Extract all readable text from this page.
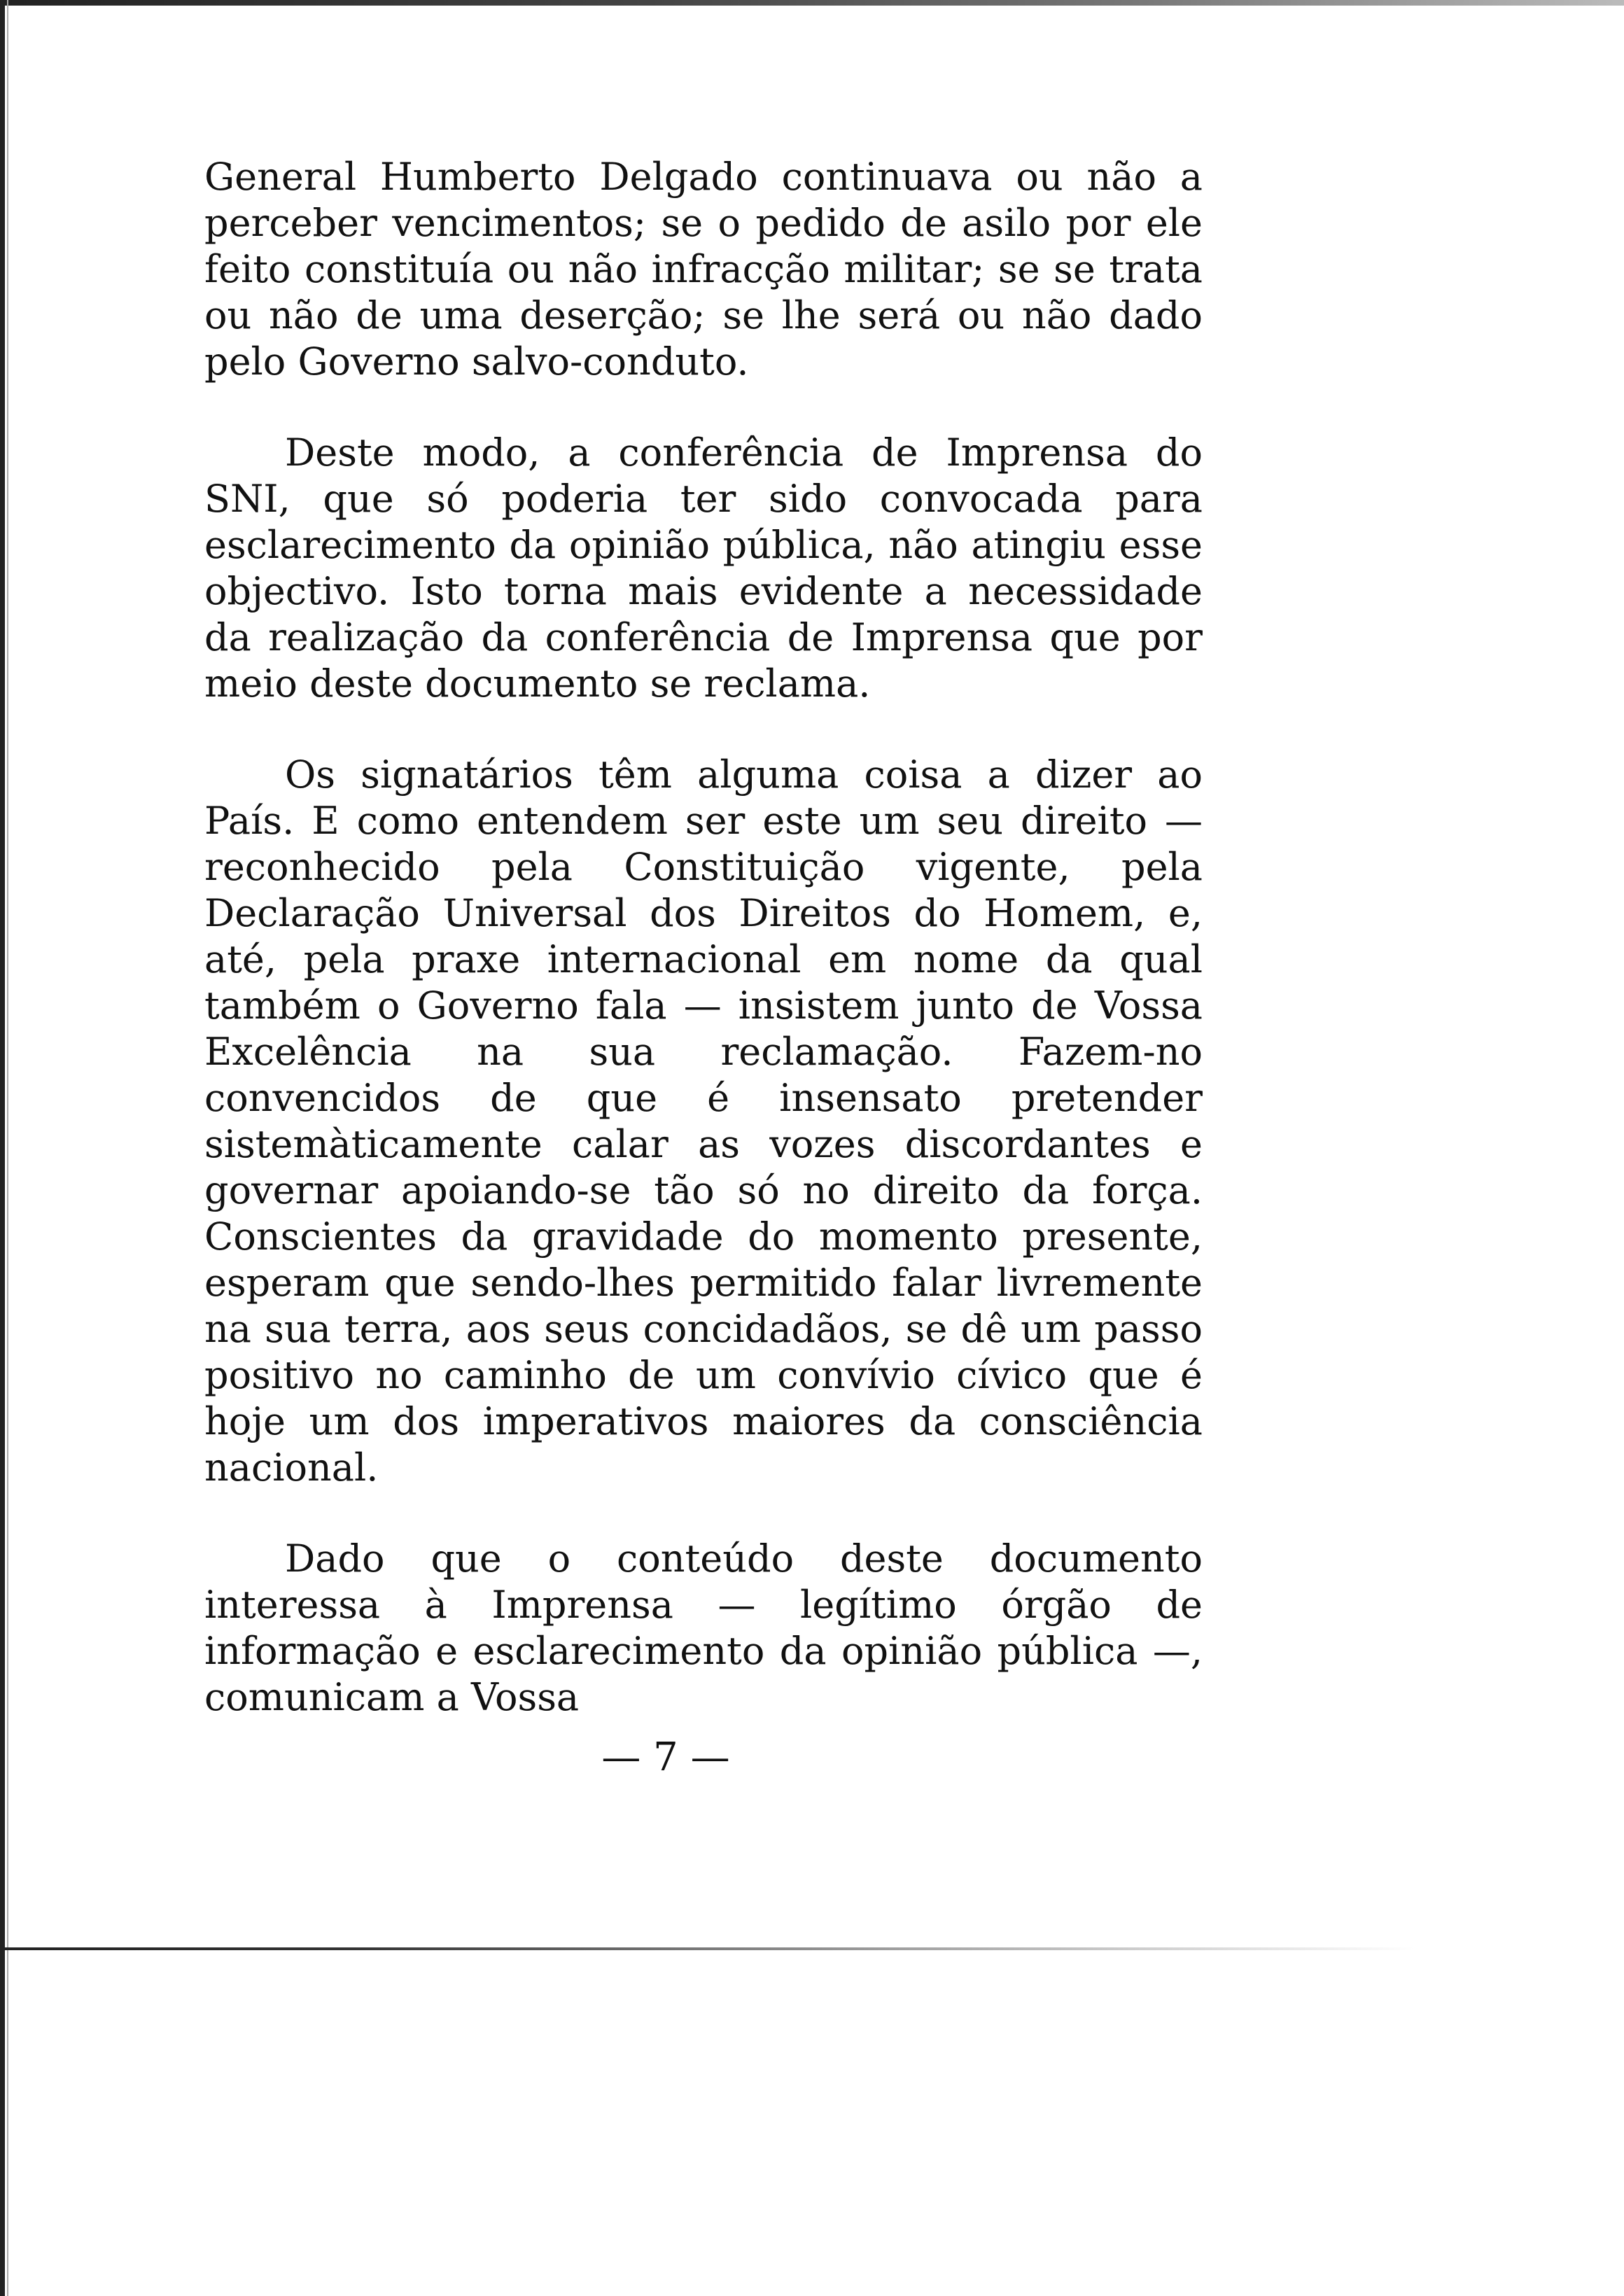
General Humberto Delgado continuava ou não a perceber vencimentos; se o pedido de asilo por ele feito constituía ou não infracção militar; se se trata ou não de uma deserção; se lhe será ou não dado pelo Governo salvo-conduto.

Deste modo, a conferência de Imprensa do SNI, que só poderia ter sido convocada para esclarecimento da opinião pública, não atingiu esse objectivo. Isto torna mais evidente a necessidade da realização da conferência de Imprensa que por meio deste documento se reclama.

Os signatários têm alguma coisa a dizer ao País. E como entendem ser este um seu direito — reconhecido pela Constituição vigente, pela Declaração Universal dos Direitos do Homem, e, até, pela praxe internacional em nome da qual também o Governo fala — insistem junto de Vossa Excelência na sua reclamação. Fazem-no convencidos de que é insensato pretender sistemàticamente calar as vozes discordantes e governar apoiando-se tão só no direito da força. Conscientes da gravidade do momento presente, esperam que sendo-lhes permitido falar livremente na sua terra, aos seus concidadãos, se dê um passo positivo no caminho de um convívio cívico que é hoje um dos imperativos maiores da consciência nacional.

Dado que o conteúdo deste documento interessa à Imprensa — legítimo órgão de informação e esclarecimento da opinião pública —, comunicam a Vossa

— 7 —
